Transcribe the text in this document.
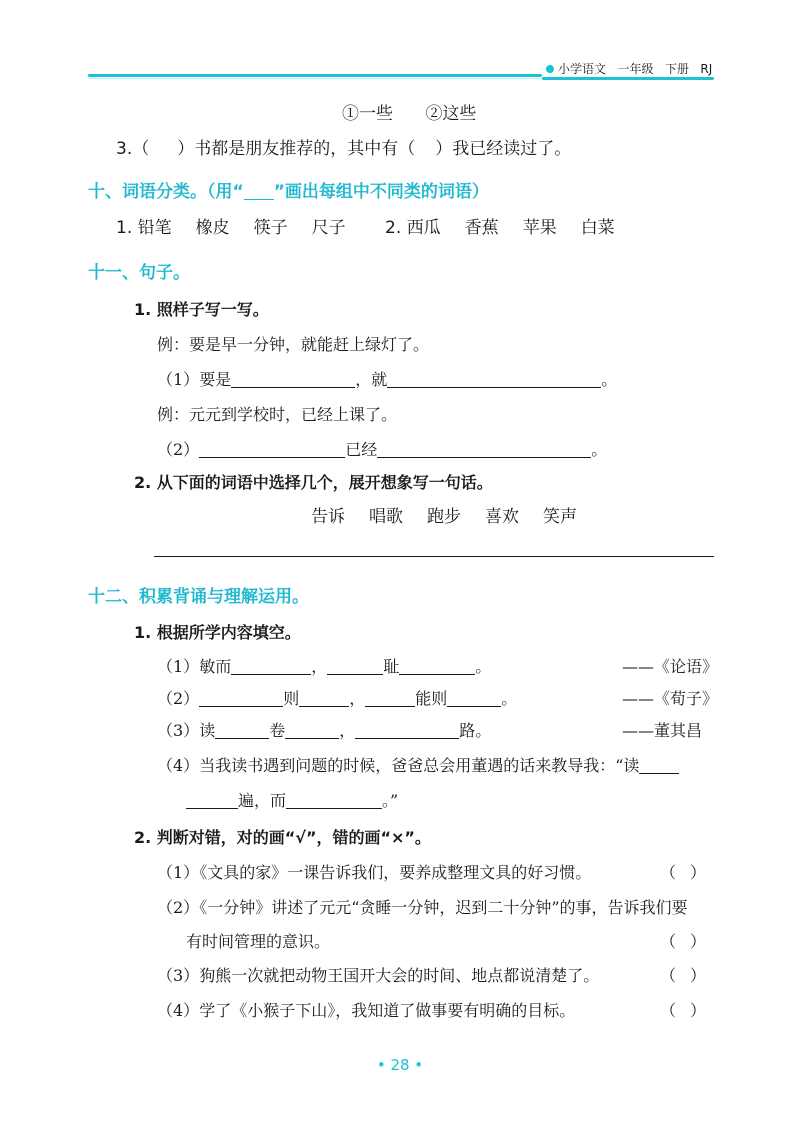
小学语文 一年级 下册 RJ
①一些 ②这些
3.（ ）书都是朋友推荐的，其中有（ ）我已经读过了。
十、词语分类。（用“ ”画出每组中不同类的词语）
1. 铅笔 橡皮 筷子 尺子 2. 西瓜 香蕉 苹果 白菜
十一、句子。
1. 照样子写一写。
例：要是早一分钟，就能赶上绿灯了。
（1）要是	，就	。
例：元元到学校时，已经上课了。
（2）	已经	。
2. 从下面的词语中选择几个，展开想象写一句话。
告诉 唱歌 跑步 喜欢 笑声
十二、积累背诵与理解运用。
1. 根据所学内容填空。
（1）敏而	，	耻	。	——《论语》
（2）	则	，	能则	。	——《荀子》
（3）读	卷	，	路。	——董其昌
（4）当我读书遇到问题的时候，爸爸总会用董遇的话来教导我：“读
遍，而	。”
2. 判断对错，对的画“√”，错的画“×”。
（1）《文具的家》一课告诉我们，要养成整理文具的好习惯。	（ ）
（2）《一分钟》讲述了元元“贪睡一分钟，迟到二十分钟”的事，告诉我们要
有时间管理的意识。	（ ）
（3）狗熊一次就把动物王国开大会的时间、地点都说清楚了。	（ ）
（4）学了《小猴子下山》，我知道了做事要有明确的目标。	（ ）
• 28 •
